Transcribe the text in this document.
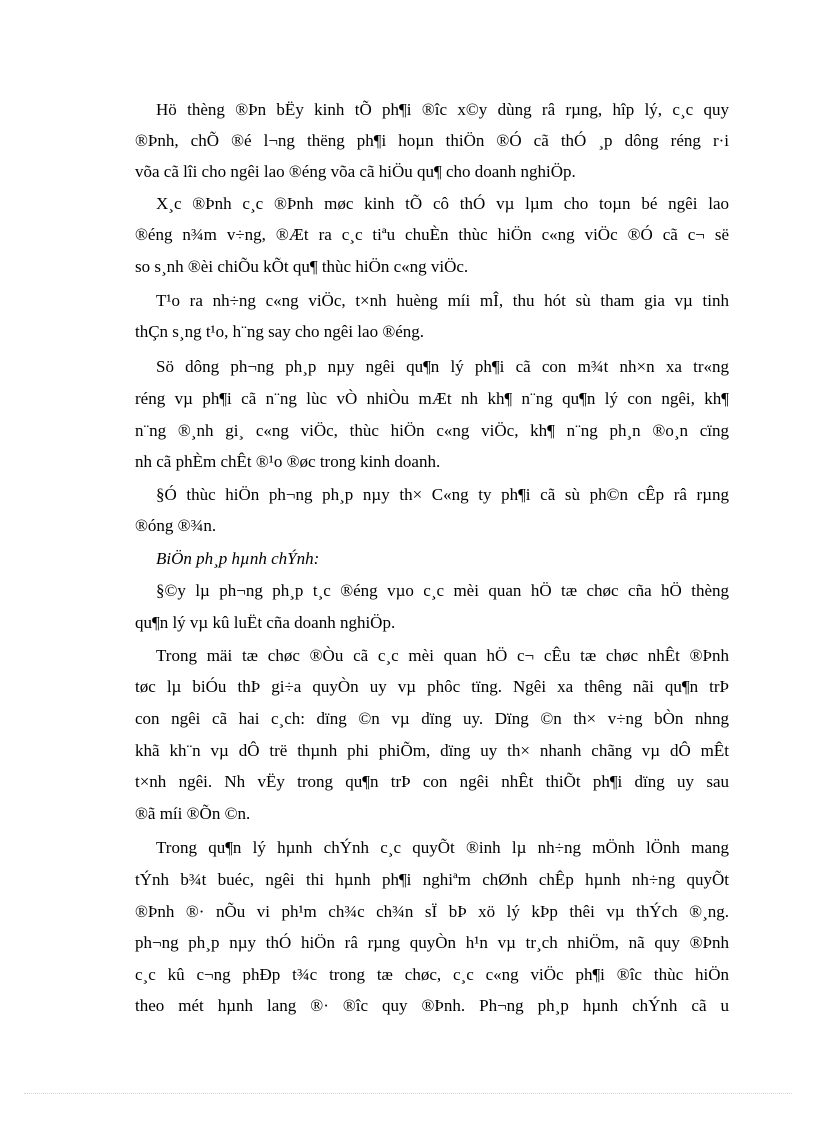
Hö thèng ®Þn bËy kinh tÕ ph¶i ®îc x©y dùng râ rµng, hîp lý, c¸c quy
®Þnh, chÕ ®é l¬ng thëng ph¶i hoµn thiÖn ®Ó cã thÓ ¸p dông réng r·i
võa cã lîi cho ngêi lao ®éng võa cã hiÖu qu¶ cho doanh nghiÖp.
X¸c ®Þnh c¸c ®Þnh møc kinh tÕ cô thÓ vµ lµm cho toµn bé ngêi lao
®éng n¾m v÷ng, ®Æt ra c¸c tiªu chuÈn thùc hiÖn c«ng viÖc ®Ó cã c¬ së
so s¸nh ®èi chiÕu kÕt qu¶ thùc hiÖn c«ng viÖc.
T¹o ra nh÷ng c«ng viÖc, t×nh huèng míi mÎ, thu hót sù tham gia vµ tinh
thÇn s¸ng t¹o, h¨ng say cho ngêi lao ®éng.
Sö dông ph¬ng ph¸p nµy ngêi qu¶n lý ph¶i cã con m¾t nh×n xa tr«ng
réng vµ ph¶i cã n¨ng lùc vÒ nhiÒu mÆt nh kh¶ n¨ng qu¶n lý con ngêi, kh¶
n¨ng ®¸nh gi¸ c«ng viÖc, thùc hiÖn c«ng viÖc, kh¶ n¨ng ph¸n ®o¸n cïng
nh cã phÈm chÊt ®¹o ®øc trong kinh doanh.
§Ó thùc hiÖn ph¬ng ph¸p nµy th× C«ng ty ph¶i cã sù ph©n cÊp râ rµng
®óng ®¾n.
BiÖn ph¸p hµnh chÝnh:
§©y lµ ph¬ng ph¸p t¸c ®éng vµo c¸c mèi quan hÖ tæ chøc cña hÖ thèng
qu¶n lý vµ kû luËt cña doanh nghiÖp.
Trong mäi tæ chøc ®Òu cã c¸c mèi quan hÖ c¬ cÊu tæ chøc nhÊt ®Þnh
tøc lµ biÓu thÞ gi÷a quyÒn uy vµ phôc tïng. Ngêi xa thêng nãi qu¶n trÞ
con ngêi cã hai c¸ch: dïng ©n vµ dïng uy. Dïng ©n th× v÷ng bÒn nhng
khã kh¨n vµ dÔ trë thµnh phi phiÕm, dïng uy th× nhanh chãng vµ dÔ mÊt
t×nh ngêi. Nh vËy trong qu¶n trÞ con ngêi nhÊt thiÕt ph¶i dïng uy sau
®ã míi ®Õn ©n.
Trong qu¶n lý hµnh chÝnh c¸c quyÕt ®inh lµ nh÷ng mÖnh lÖnh mang
tÝnh b¾t buéc, ngêi thi hµnh ph¶i nghiªm chØnh chÊp hµnh nh÷ng quyÕt
®Þnh ®· nÕu vi ph¹m ch¾c ch¾n sÏ bÞ xö lý kÞp thêi vµ thÝch ®¸ng.
ph¬ng ph¸p nµy thÓ hiÖn râ rµng quyÒn h¹n vµ tr¸ch nhiÖm, nã quy ®Þnh
c¸c kû c¬ng phÐp t¾c trong tæ chøc, c¸c c«ng viÖc ph¶i ®îc thùc hiÖn
theo mét hµnh lang ®· ®îc quy ®Þnh. Ph¬ng ph¸p hµnh chÝnh cã u
